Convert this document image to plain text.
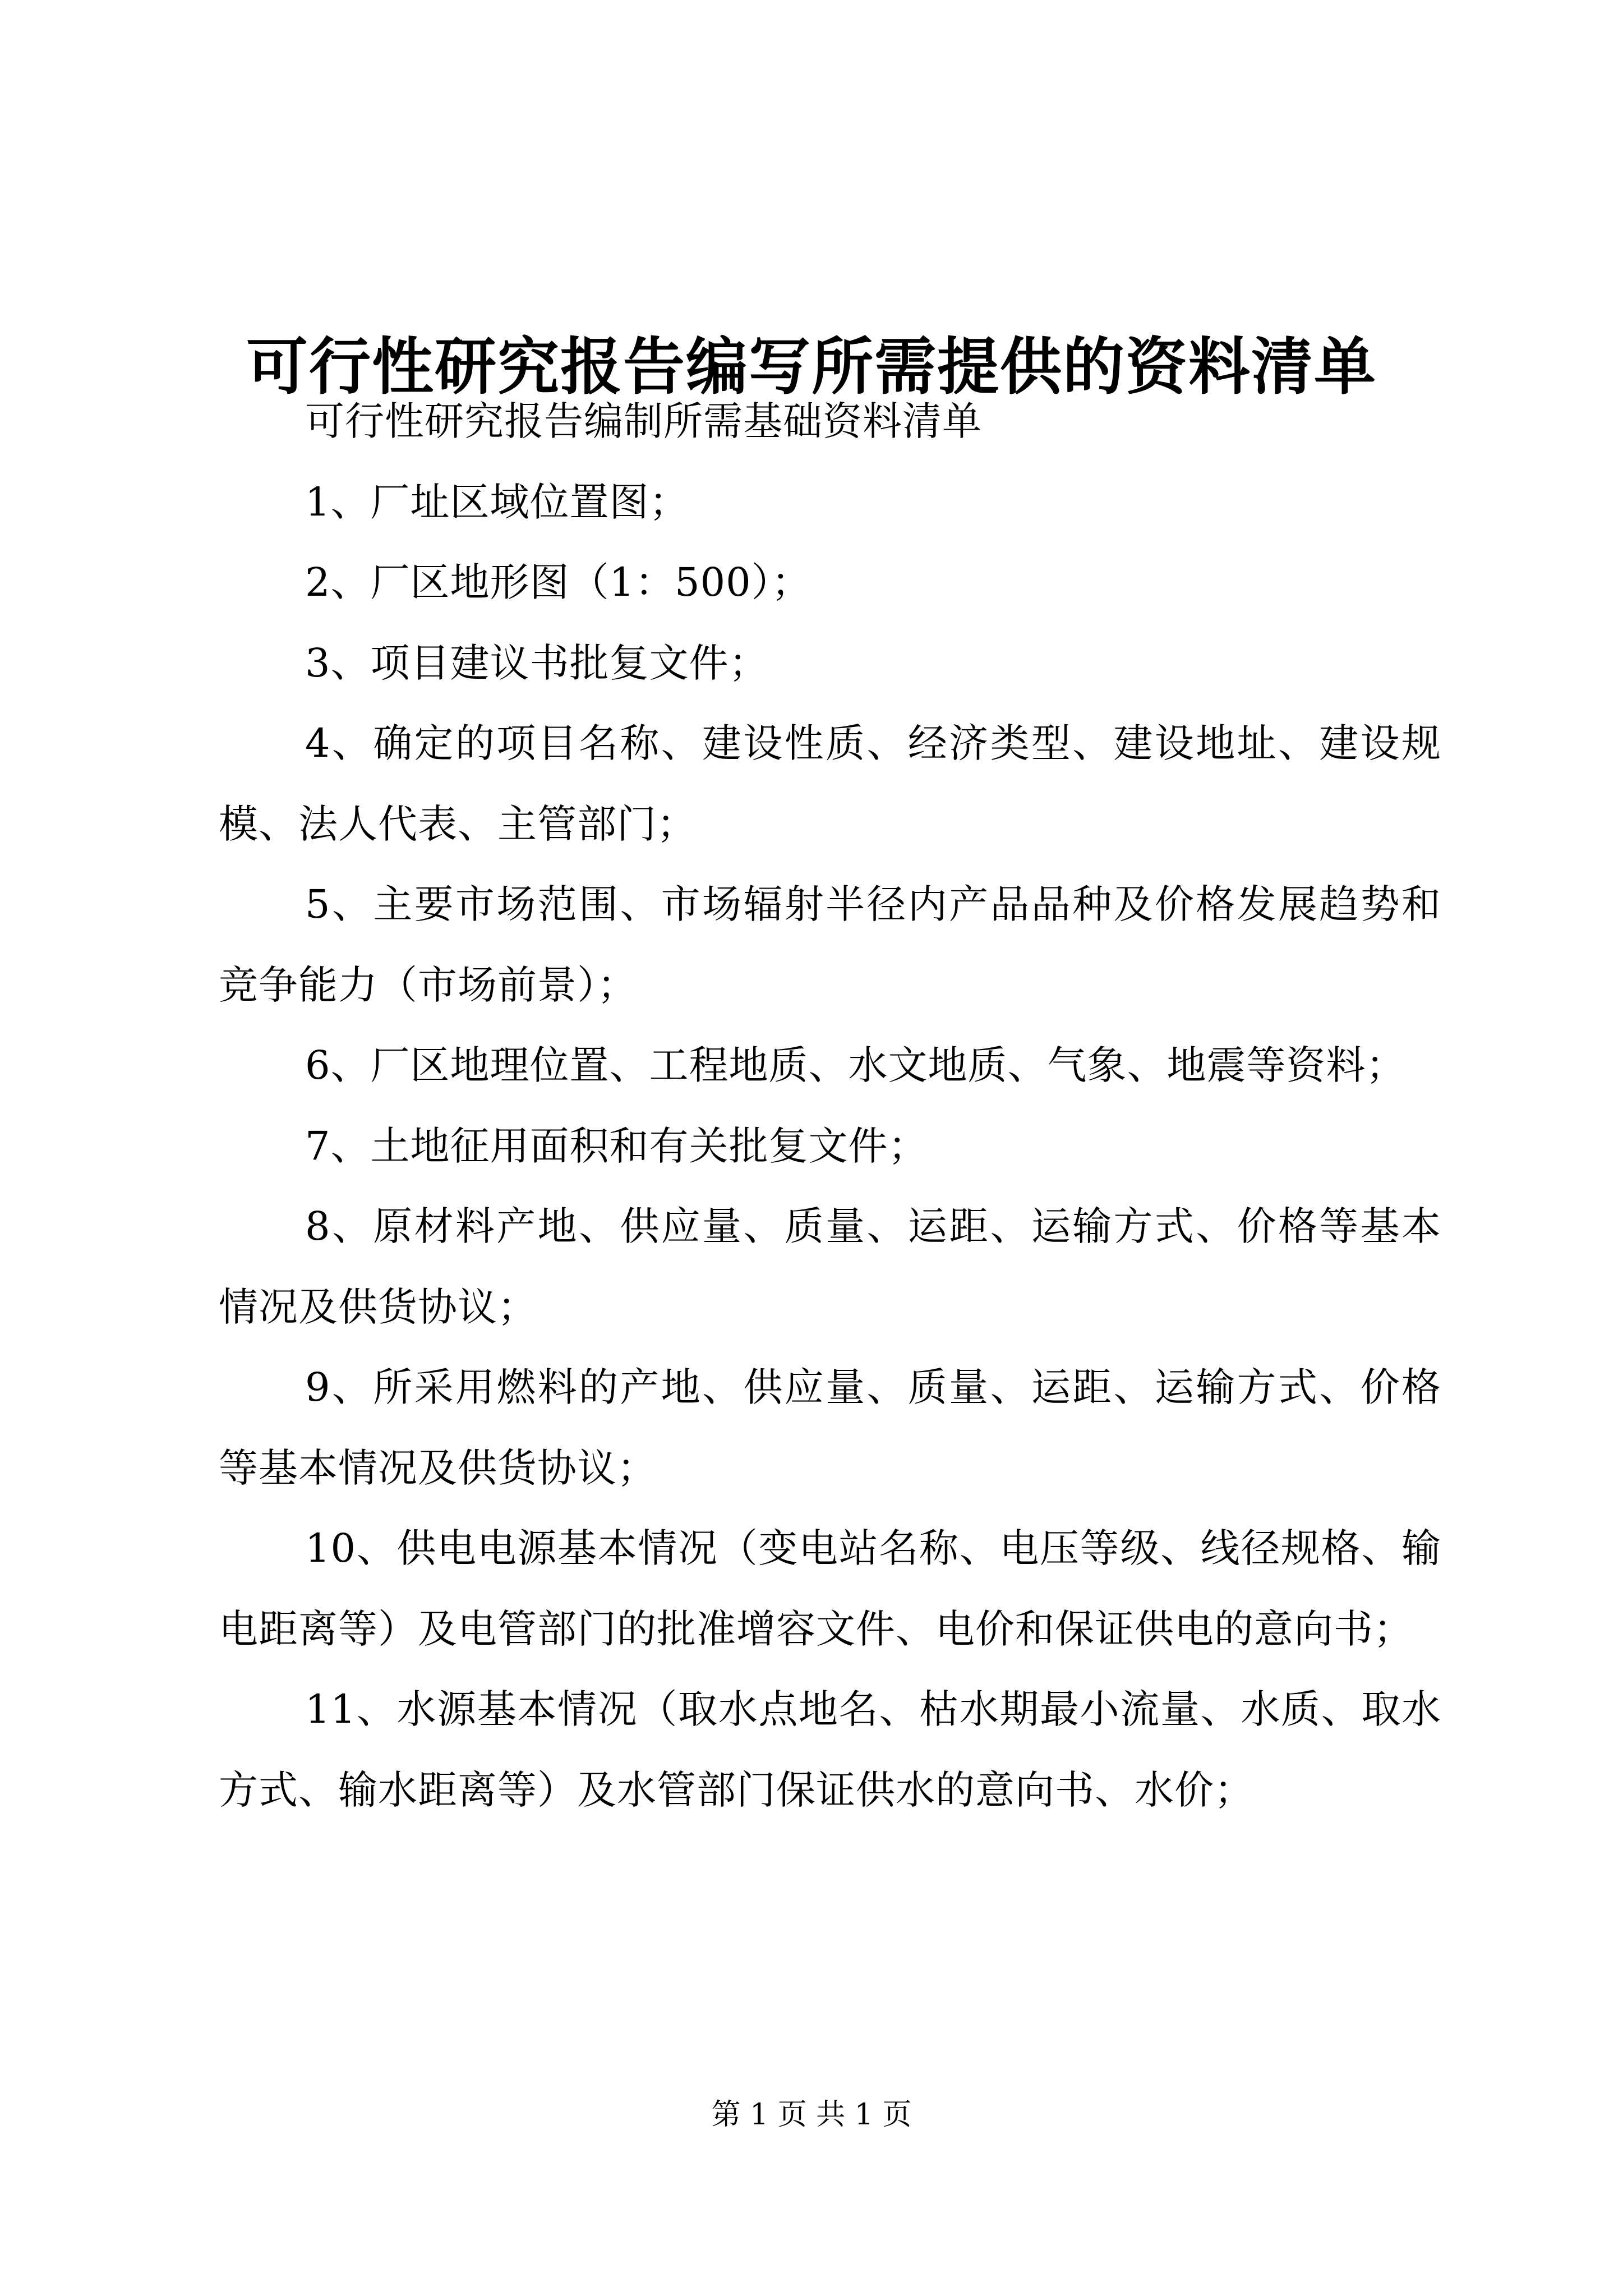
可行性研究报告编写所需提供的资料清单

可行性研究报告编制所需基础资料清单

1、厂址区域位置图；

2、厂区地形图（1：500）；

3、项目建议书批复文件；

4、确定的项目名称、建设性质、经济类型、建设地址、建设规模、法人代表、主管部门；

5、主要市场范围、市场辐射半径内产品品种及价格发展趋势和竞争能力（市场前景）；

6、厂区地理位置、工程地质、水文地质、气象、地震等资料；

7、土地征用面积和有关批复文件；

8、原材料产地、供应量、质量、运距、运输方式、价格等基本情况及供货协议；

9、所采用燃料的产地、供应量、质量、运距、运输方式、价格等基本情况及供货协议；

10、供电电源基本情况（变电站名称、电压等级、线径规格、输电距离等）及电管部门的批准增容文件、电价和保证供电的意向书；

11、水源基本情况（取水点地名、枯水期最小流量、水质、取水方式、输水距离等）及水管部门保证供水的意向书、水价；

第 1 页 共 1 页
